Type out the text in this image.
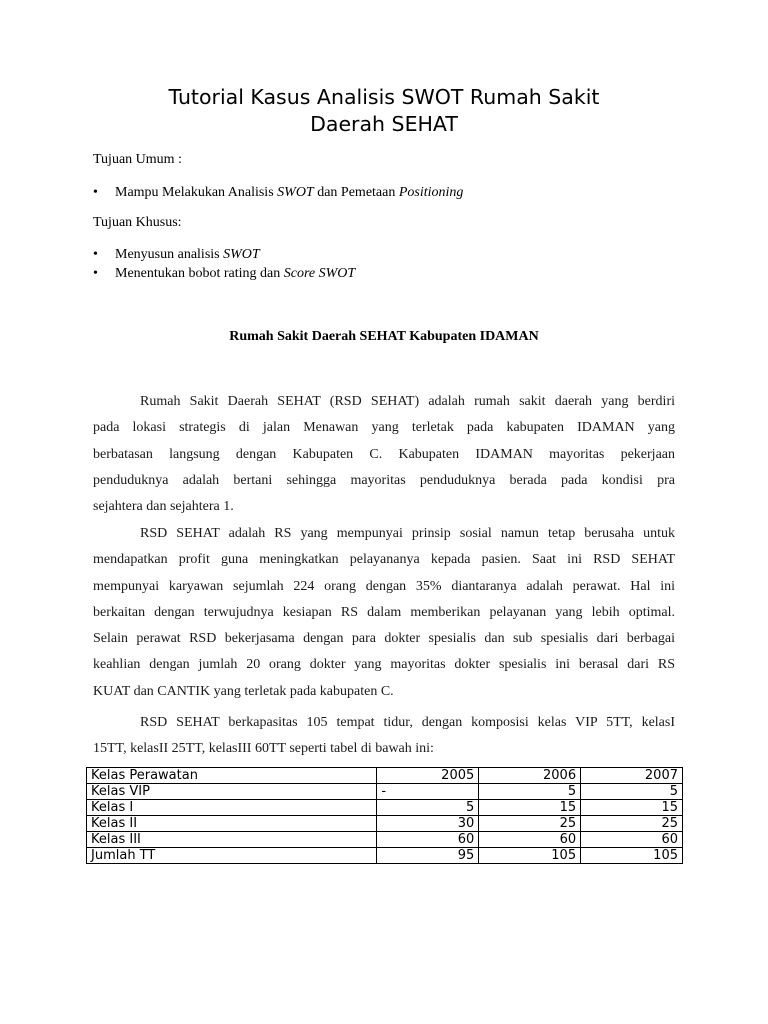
Tutorial Kasus Analisis SWOT Rumah Sakit
Daerah SEHAT
Tujuan Umum :
•	Mampu Melakukan Analisis SWOT dan Pemetaan Positioning
Tujuan Khusus:
•	Menyusun analisis SWOT
•	Menentukan bobot rating dan Score SWOT
Rumah Sakit Daerah SEHAT Kabupaten IDAMAN
Rumah Sakit Daerah SEHAT (RSD SEHAT) adalah rumah sakit daerah yang berdiri
pada lokasi strategis di jalan Menawan yang terletak pada kabupaten IDAMAN yang
berbatasan langsung dengan Kabupaten C. Kabupaten IDAMAN mayoritas pekerjaan
penduduknya adalah bertani sehingga mayoritas penduduknya berada pada kondisi pra
sejahtera dan sejahtera 1.
RSD SEHAT adalah RS yang mempunyai prinsip sosial namun tetap berusaha untuk
mendapatkan profit guna meningkatkan pelayananya kepada pasien. Saat ini RSD SEHAT
mempunyai karyawan sejumlah 224 orang dengan 35% diantaranya adalah perawat. Hal ini
berkaitan dengan terwujudnya kesiapan RS dalam memberikan pelayanan yang lebih optimal.
Selain perawat RSD bekerjasama dengan para dokter spesialis dan sub spesialis dari berbagai
keahlian dengan jumlah 20 orang dokter yang mayoritas dokter spesialis ini berasal dari RS
KUAT dan CANTIK yang terletak pada kabupaten C.
RSD SEHAT berkapasitas 105 tempat tidur, dengan komposisi kelas VIP 5TT, kelasI
15TT, kelasII 25TT, kelasIII 60TT seperti tabel di bawah ini:
Kelas Perawatan	2005	2006	2007
Kelas VIP	-	5	5
Kelas I	5	15	15
Kelas II	30	25	25
Kelas III	60	60	60
Jumlah TT	95	105	105
